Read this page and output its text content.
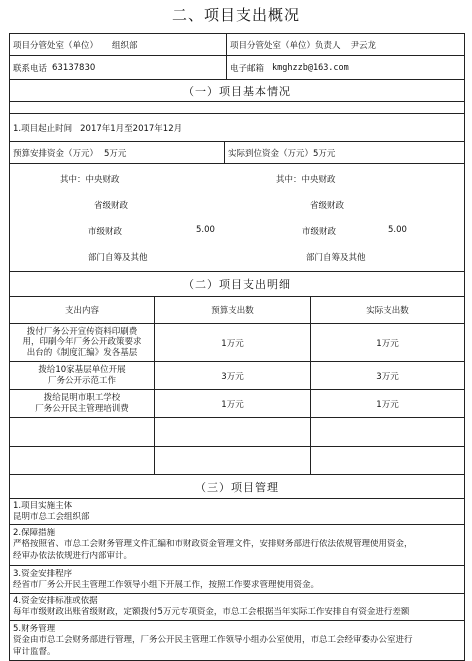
二、项目支出概况
项目分管处室（单位） 组织部	项目分管处室（单位）负责人 尹云龙
联系电话 63137830	电子邮箱 kmghzzb@163.com
（一）项目基本情况
1.项目起止时间 2017年1月至2017年12月
预算安排资金（万元） 5万元	实际到位资金（万元） 5万元
其中：中央财政
省级财政
市级财政	5.00
部门自筹及其他
其中：中央财政
省级财政
市级财政	5.00
部门自筹及其他
（二）项目支出明细
支出内容	预算支出数	实际支出数
拨付厂务公开宣传资料印刷费
用，印刷今年厂务公开政策要求
出台的《制度汇编》发各基层
1万元	1万元
拨给10家基层单位开展
厂务公开示范工作	3万元	3万元
拨给昆明市职工学校
厂务公开民主管理培训费	1万元	1万元
（三）项目管理
1.项目实施主体
昆明市总工会组织部
2.保障措施
严格按照省、市总工会财务管理文件汇编和市财政资金管理文件，安排财务部进行依法依规管理使用资金，
经审办依法依规进行内部审计。
3.资金安排程序
经省市厂务公开民主管理工作领导小组下开展工作，按照工作要求管理使用资金。
4.资金安排标准或依据
每年市级财政出账省级财政，定额拨付5万元专项资金，市总工会根据当年实际工作安排自有资金进行差额
5.财务管理
资金由市总工会财务部进行管理，厂务公开民主管理工作领导小组办公室使用，市总工会经审委办公室进行
审计监督。
